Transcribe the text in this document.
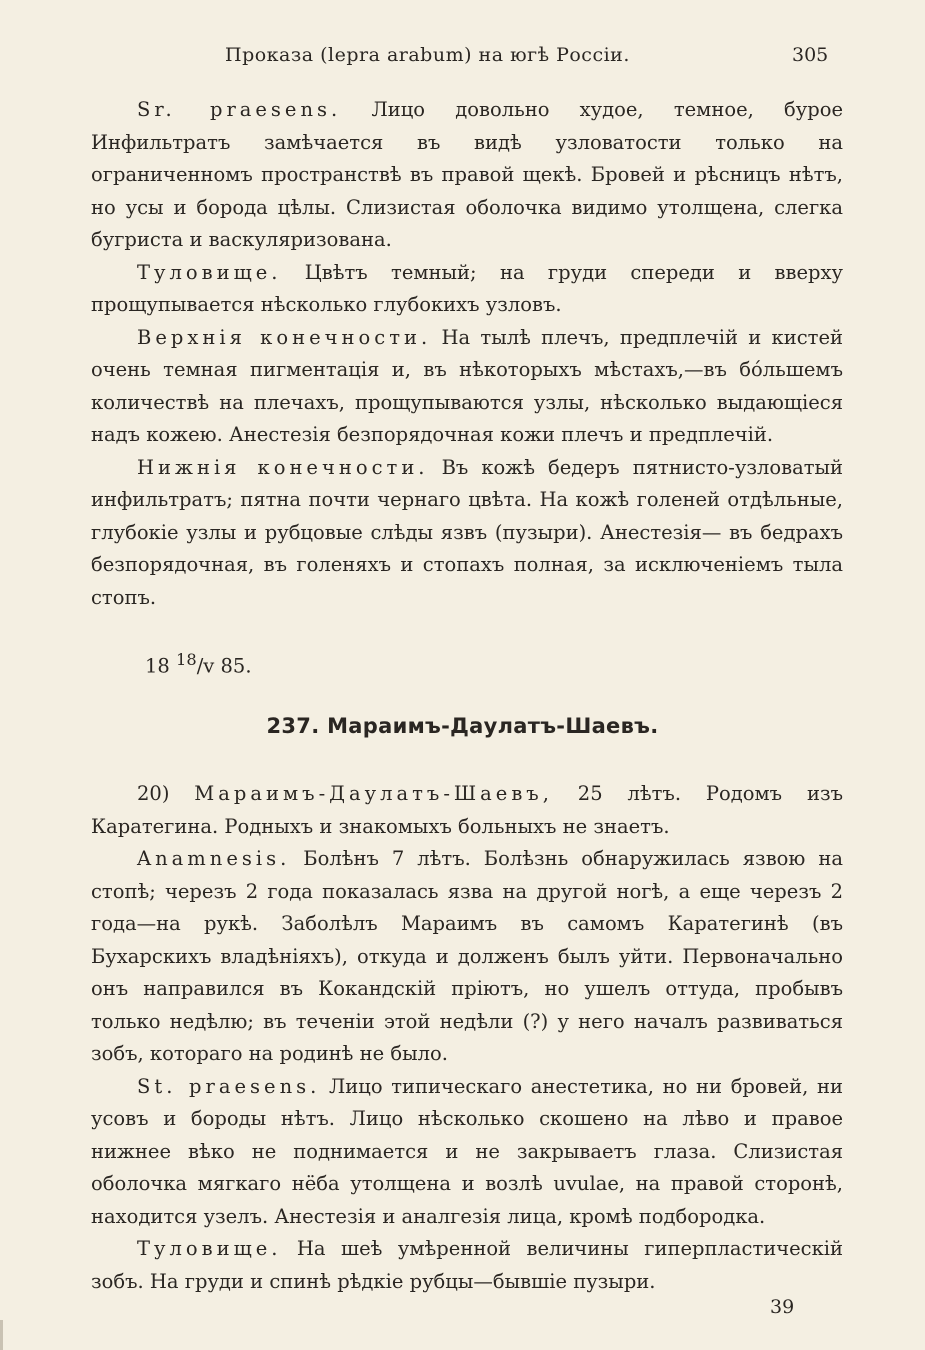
Проказа (lepra arabum) на югѣ Россіи.	305

Sr. praesens. Лицо довольно худое, темное, бурое Инфильтратъ замѣчается въ видѣ узловатости только на ограниченномъ пространствѣ въ правой щекѣ. Бровей и рѣсницъ нѣтъ, но усы и борода цѣлы. Слизистая оболочка видимо утолщена, слегка бугриста и васкуляризована.

Туловище. Цвѣтъ темный; на груди спереди и вверху прощупывается нѣсколько глубокихъ узловъ.

Верхнія конечности. На тылѣ плечъ, предплечій и кистей очень темная пигментація и, въ нѣкоторыхъ мѣстахъ,—въ бóльшемъ количествѣ на плечахъ, прощупываются узлы, нѣсколько выдающіеся надъ кожею. Анестезія безпорядочная кожи плечъ и предплечій.

Нижнія конечности. Въ кожѣ бедеръ пятнисто-узловатый инфильтратъ; пятна почти чернаго цвѣта. На кожѣ голеней отдѣльные, глубокіе узлы и рубцовые слѣды язвъ (пузыри). Анестезія— въ бедрахъ безпорядочная, въ голеняхъ и стопахъ полная, за исключеніемъ тыла стопъ.

18 $^{18}$/v 85.
237. Мараимъ-Даулатъ-Шаевъ.

20) Мараимъ-Даулатъ-Шаевъ, 25 лѣтъ. Родомъ изъ Каратегина. Родныхъ и знакомыхъ больныхъ не знаетъ.

Anamnesis. Болѣнъ 7 лѣтъ. Болѣзнь обнаружилась язвою на стопѣ; черезъ 2 года показалась язва на другой ногѣ, а еще черезъ 2 года—на рукѣ. Заболѣлъ Мараимъ въ самомъ Каратегинѣ (въ Бухарскихъ владѣніяхъ), откуда и долженъ былъ уйти. Первоначально онъ направился въ Кокандскій пріютъ, но ушелъ оттуда, пробывъ только недѣлю; въ теченіи этой недѣли (?) у него началъ развиваться зобъ, котораго на родинѣ не было.

St. praesens. Лицо типическаго анестетика, но ни бровей, ни усовъ и бороды нѣтъ. Лицо нѣсколько скошено на лѣво и правое нижнее вѣко не поднимается и не закрываетъ глаза. Слизистая оболочка мягкаго нёба утолщена и возлѣ uvulae, на правой сторонѣ, находится узелъ. Анестезія и аналгезія лица, кромѣ подбородка.

Туловище. На шеѣ умѣренной величины гиперпластическій зобъ. На груди и спинѣ рѣдкіе рубцы—бывшіе пузыри.

39
